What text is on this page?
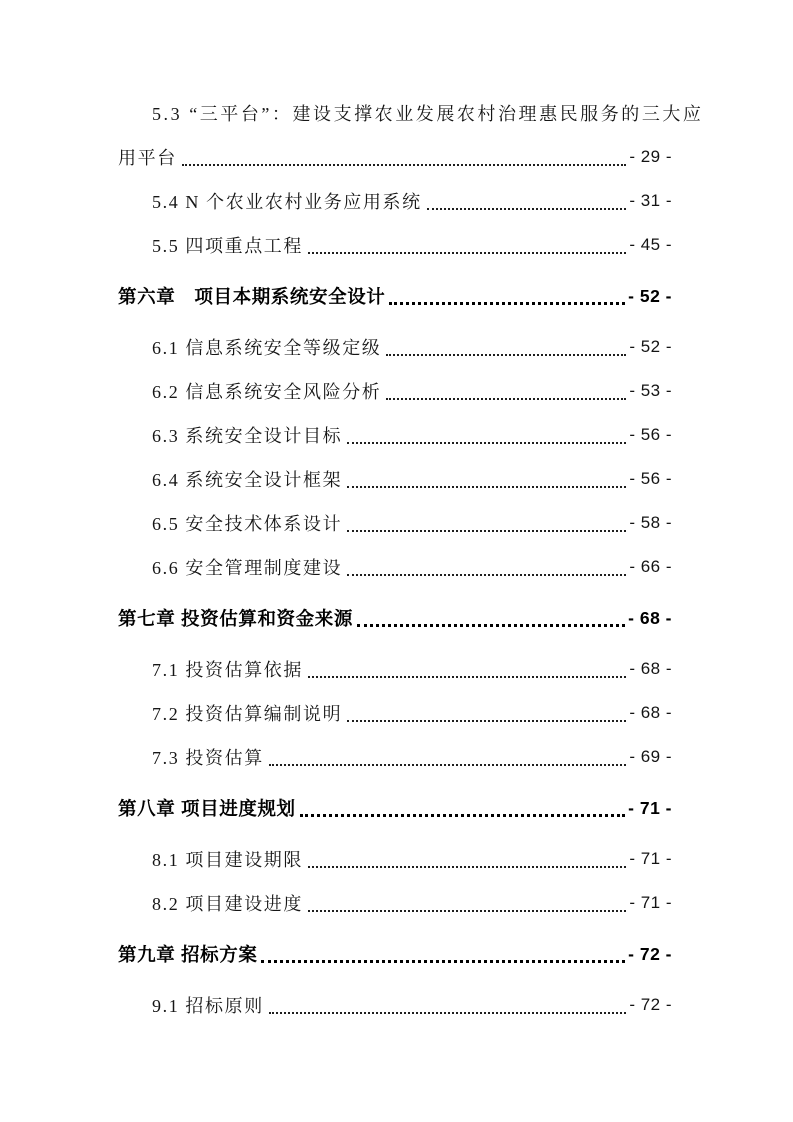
5.3 “三平台”：建设支撑农业发展农村治理惠民服务的三大应
用平台	- 29 -
5.4 N 个农业农村业务应用系统	- 31 -
5.5 四项重点工程	- 45 -
第六章　项目本期系统安全设计	- 52 -
6.1 信息系统安全等级定级	- 52 -
6.2 信息系统安全风险分析	- 53 -
6.3 系统安全设计目标	- 56 -
6.4 系统安全设计框架	- 56 -
6.5 安全技术体系设计	- 58 -
6.6 安全管理制度建设	- 66 -
第七章 投资估算和资金来源	- 68 -
7.1 投资估算依据	- 68 -
7.2 投资估算编制说明	- 68 -
7.3 投资估算	- 69 -
第八章 项目进度规划	- 71 -
8.1 项目建设期限	- 71 -
8.2 项目建设进度	- 71 -
第九章 招标方案	- 72 -
9.1 招标原则	- 72 -
